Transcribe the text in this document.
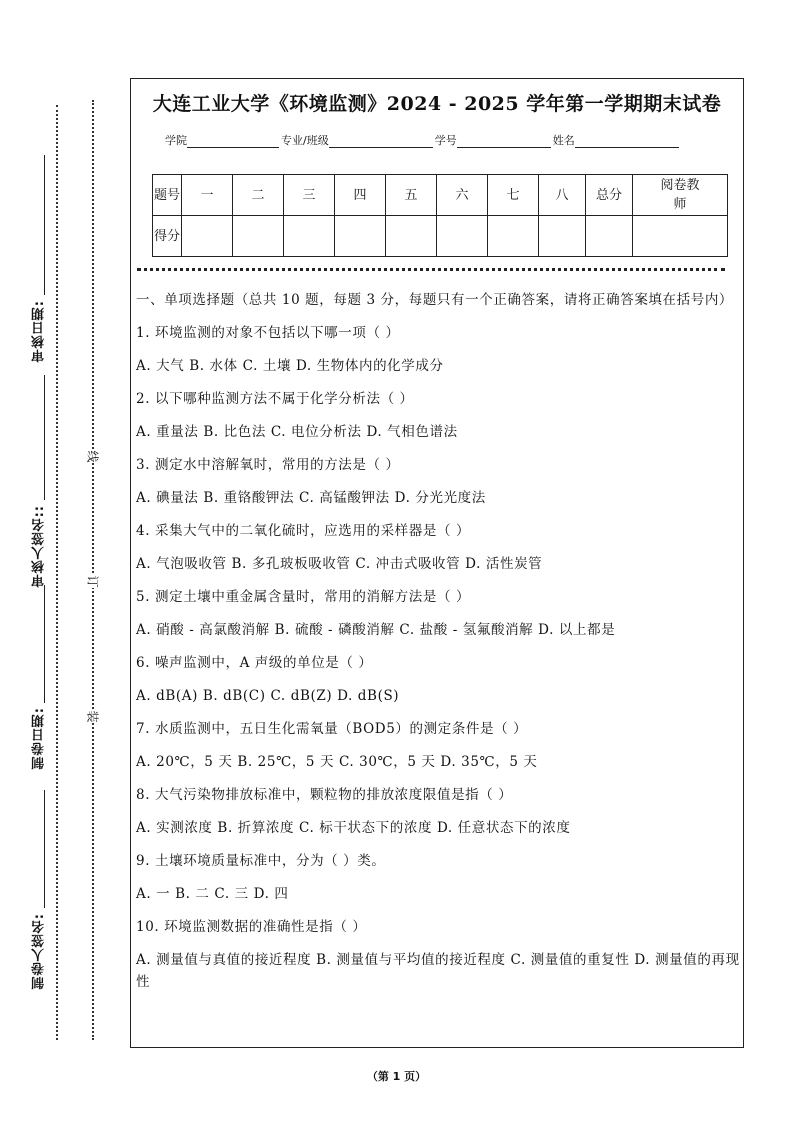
审核日期:
审核人签名::
制卷日期:
制卷人签名:
线
订
装
大连工业大学《环境监测》2024 - 2025 学年第一学期期末试卷
学院	专业/班级	学号	姓名
题号	一	二	三	四	五	六	七	八	总分	阅卷教师
得分										

一、单项选择题（总共 10 题，每题 3 分，每题只有一个正确答案，请将正确答案填在括号内）

1. 环境监测的对象不包括以下哪一项（ ）

A. 大气 B. 水体 C. 土壤 D. 生物体内的化学成分

2. 以下哪种监测方法不属于化学分析法（ ）

A. 重量法 B. 比色法 C. 电位分析法 D. 气相色谱法

3. 测定水中溶解氧时，常用的方法是（ ）

A. 碘量法 B. 重铬酸钾法 C. 高锰酸钾法 D. 分光光度法

4. 采集大气中的二氧化硫时，应选用的采样器是（ ）

A. 气泡吸收管 B. 多孔玻板吸收管 C. 冲击式吸收管 D. 活性炭管

5. 测定土壤中重金属含量时，常用的消解方法是（ ）

A. 硝酸 - 高氯酸消解 B. 硫酸 - 磷酸消解 C. 盐酸 - 氢氟酸消解 D. 以上都是

6. 噪声监测中，A 声级的单位是（ ）

A. dB(A) B. dB(C) C. dB(Z) D. dB(S)

7. 水质监测中，五日生化需氧量（BOD5）的测定条件是（ ）

A. 20℃，5 天 B. 25℃，5 天 C. 30℃，5 天 D. 35℃，5 天

8. 大气污染物排放标准中，颗粒物的排放浓度限值是指（ ）

A. 实测浓度 B. 折算浓度 C. 标干状态下的浓度 D. 任意状态下的浓度

9. 土壤环境质量标准中，分为（ ）类。

A. 一 B. 二 C. 三 D. 四

10. 环境监测数据的准确性是指（ ）

A. 测量值与真值的接近程度 B. 测量值与平均值的接近程度 C. 测量值的重复性 D. 测量值的再现性

（第 1 页）
